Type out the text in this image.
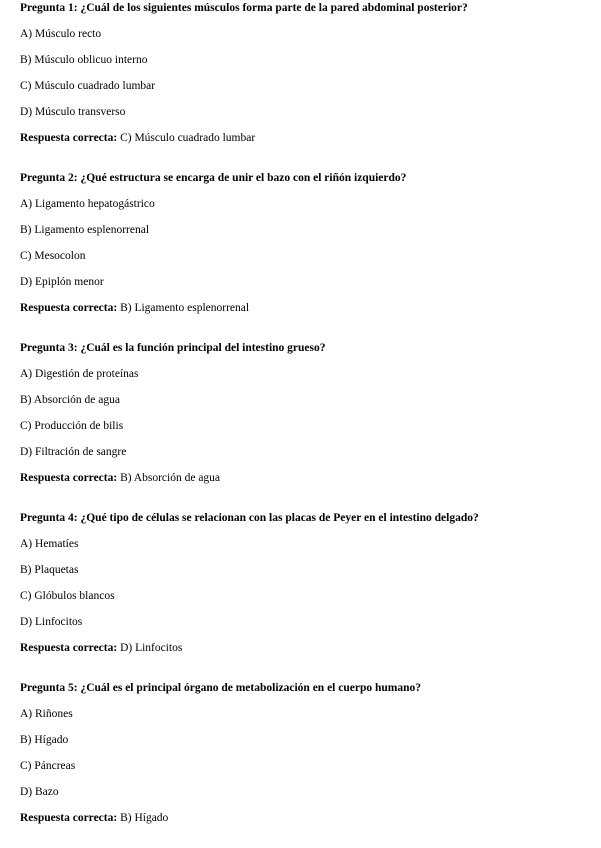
Pregunta 1: ¿Cuál de los siguientes músculos forma parte de la pared abdominal posterior?

A) Músculo recto

B) Músculo oblicuo interno

C) Músculo cuadrado lumbar

D) Músculo transverso

Respuesta correcta: C) Músculo cuadrado lumbar

Pregunta 2: ¿Qué estructura se encarga de unir el bazo con el riñón izquierdo?

A) Ligamento hepatogástrico

B) Ligamento esplenorrenal

C) Mesocolon

D) Epiplón menor

Respuesta correcta: B) Ligamento esplenorrenal

Pregunta 3: ¿Cuál es la función principal del intestino grueso?

A) Digestión de proteínas

B) Absorción de agua

C) Producción de bilis

D) Filtración de sangre

Respuesta correcta: B) Absorción de agua

Pregunta 4: ¿Qué tipo de células se relacionan con las placas de Peyer en el intestino delgado?

A) Hematíes

B) Plaquetas

C) Glóbulos blancos

D) Linfocitos

Respuesta correcta: D) Linfocitos

Pregunta 5: ¿Cuál es el principal órgano de metabolización en el cuerpo humano?

A) Riñones

B) Hígado

C) Páncreas

D) Bazo

Respuesta correcta: B) Hígado
